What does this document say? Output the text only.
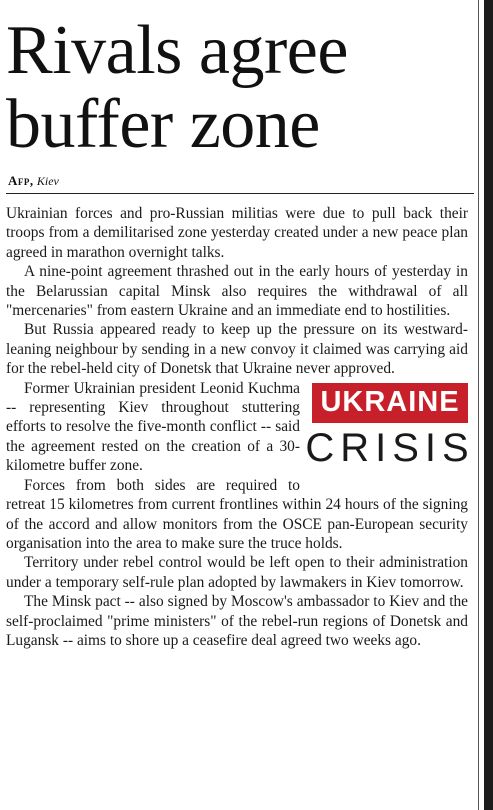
Rivals agree
buffer zone
Afp, Kiev

Ukrainian forces and pro-Russian militias were due to pull back their troops from a demilitarised zone yesterday created under a new peace plan agreed in marathon overnight talks.

A nine-point agreement thrashed out in the early hours of yesterday in the Belarussian capital Minsk also requires the withdrawal of all "mercenaries" from eastern Ukraine and an immediate end to hostilities.

But Russia appeared ready to keep up the pressure on its westward-leaning neighbour by sending in a new convoy it claimed was carrying aid for the rebel-held city of Donetsk that Ukraine never approved.

UKRAINE
CRISIS

Former Ukrainian president Leonid Kuchma -- representing Kiev throughout stuttering efforts to resolve the five-month conflict -- said the agreement rested on the creation of a 30-kilometre buffer zone.

Forces from both sides are required to retreat 15 kilometres from current frontlines within 24 hours of the signing of the accord and allow monitors from the OSCE pan-European security organisation into the area to make sure the truce holds.

Territory under rebel control would be left open to their administration under a temporary self-rule plan adopted by lawmakers in Kiev tomorrow.

The Minsk pact -- also signed by Moscow's ambassador to Kiev and the self-proclaimed "prime ministers" of the rebel-run regions of Donetsk and Lugansk -- aims to shore up a ceasefire deal agreed two weeks ago.
